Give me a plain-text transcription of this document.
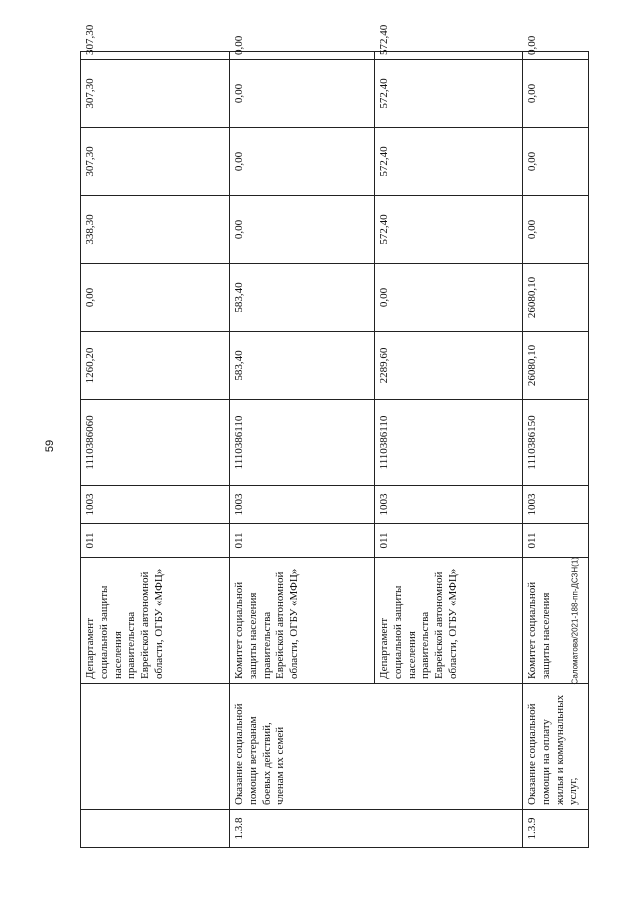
59
Саломатова/2021-188-пп-ДСЗН(1)
		Департамент социальной защиты населения правительства Еврейской автономной области, ОГБУ «МФЦ»	011	1003	1110386060	1260,20	0,00	338,30	307,30	307,30	307,30
1.3.8	Оказание социальной помощи ветеранам боевых действий, членам их семей	Комитет социальной защиты населения правительства Еврейской автономной области, ОГБУ «МФЦ»	011	1003	1110386110	583,40	583,40	0,00	0,00	0,00	0,00
		Департамент социальной защиты населения правительства Еврейской автономной области, ОГБУ «МФЦ»	011	1003	1110386110	2289,60	0,00	572,40	572,40	572,40	572,40
1.3.9	Оказание социальной помощи на оплату жилья и коммунальных услуг,	Комитет социальной защиты населения	011	1003	1110386150	26080,10	26080,10	0,00	0,00	0,00	0,00
